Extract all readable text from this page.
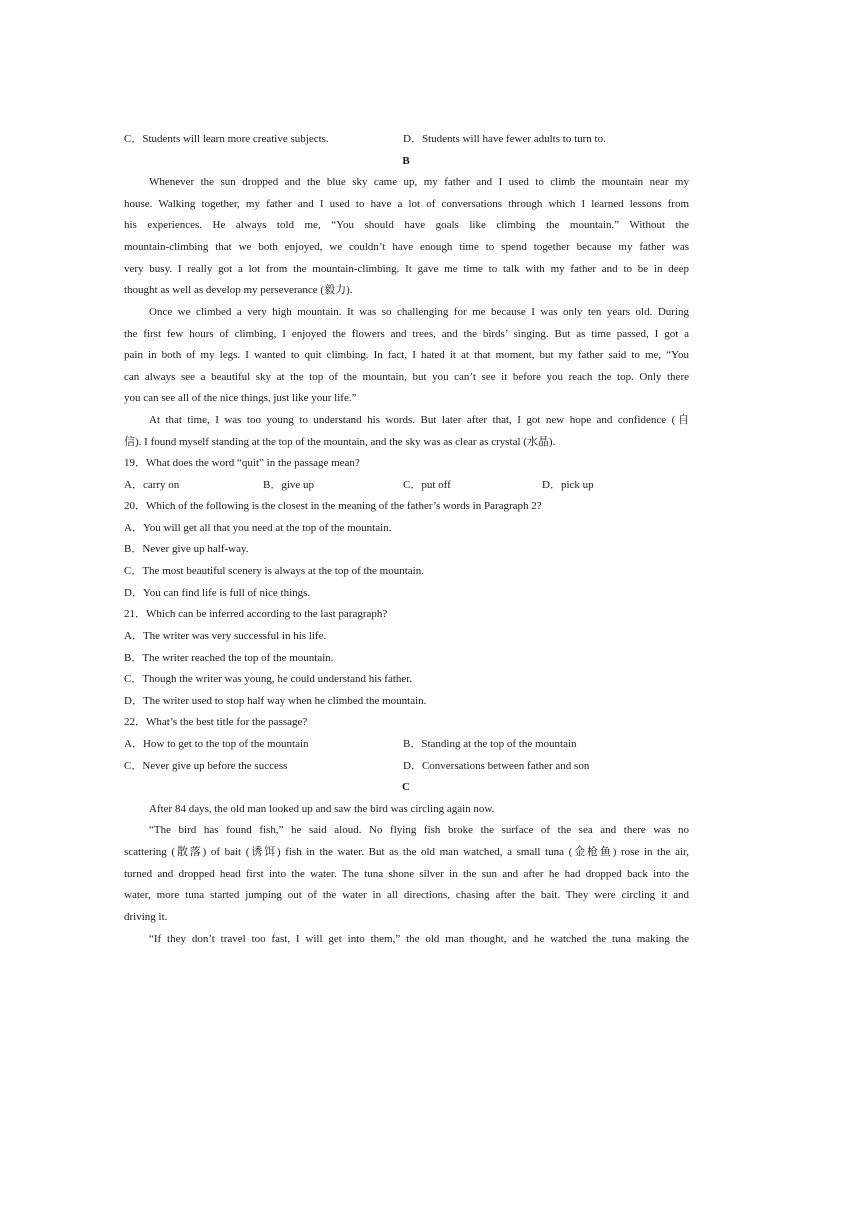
C．Students will learn more creative subjects.	D．Students will have fewer adults to turn to.
B
Whenever the sun dropped and the blue sky came up, my father and I used to climb the mountain near my
house. Walking together, my father and I used to have a lot of conversations through which I learned lessons from
his experiences. He always told me, “You should have goals like climbing the mountain.” Without the
mountain-climbing that we both enjoyed, we couldn’t have enough time to spend together because my father was
very busy. I really got a lot from the mountain-climbing. It gave me time to talk with my father and to be in deep
thought as well as develop my perseverance (毅力).
Once we climbed a very high mountain. It was so challenging for me because I was only ten years old. During
the first few hours of climbing, I enjoyed the flowers and trees, and the birds’ singing. But as time passed, I got a
pain in both of my legs. I wanted to quit climbing. In fact, I hated it at that moment, but my father said to me, “You
can always see a beautiful sky at the top of the mountain, but you can’t see it before you reach the top. Only there
you can see all of the nice things, just like your life.”
At that time, I was too young to understand his words. But later after that, I got new hope and confidence (自
信). I found myself standing at the top of the mountain, and the sky was as clear as crystal (水晶).
19．What does the word “quit” in the passage mean?
A．carry on	B．give up	C．put off	D．pick up
20．Which of the following is the closest in the meaning of the father’s words in Paragraph 2?
A．You will get all that you need at the top of the mountain.
B．Never give up half-way.
C．The most beautiful scenery is always at the top of the mountain.
D．You can find life is full of nice things.
21．Which can be inferred according to the last paragraph?
A．The writer was very successful in his life.
B．The writer reached the top of the mountain.
C．Though the writer was young, he could understand his father.
D．The writer used to stop half way when he climbed the mountain.
22．What’s the best title for the passage?
A．How to get to the top of the mountain	B．Standing at the top of the mountain
C．Never give up before the success	D．Conversations between father and son
C
After 84 days, the old man looked up and saw the bird was circling again now.
“The bird has found fish,” he said aloud. No flying fish broke the surface of the sea and there was no
scattering (散落) of bait (诱饵) fish in the water. But as the old man watched, a small tuna (金枪鱼) rose in the air,
turned and dropped head first into the water. The tuna shone silver in the sun and after he had dropped back into the
water, more tuna started jumping out of the water in all directions, chasing after the bait. They were circling it and
driving it.
“If they don’t travel too fast, I will get into them,” the old man thought, and he watched the tuna making the
